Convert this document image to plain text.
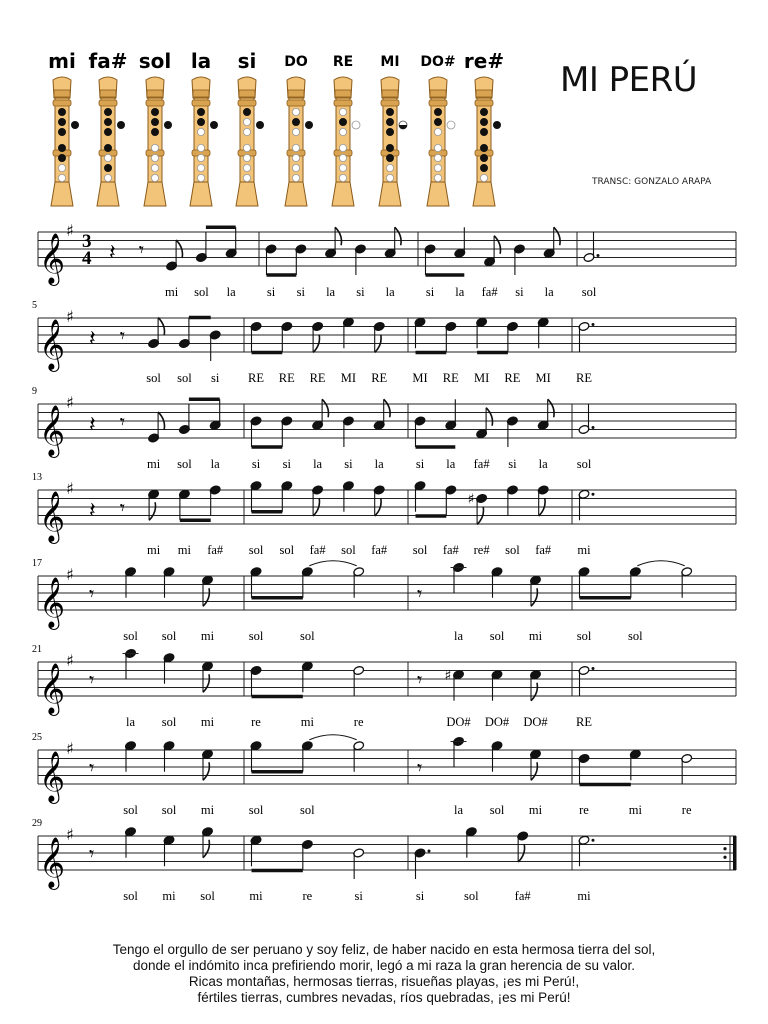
mi fa# sol la si DO RE MI DO# re# MI PERÚ
TRANSC: GONZALO ARAPA
𝄞
♯
3
4 𝄽 𝄾
mi sol la si si la si la si la fa# si la sol
5
𝄞
♯
𝄽 𝄾
sol sol si RE RE RE MI RE MI RE MI RE MI RE
9
𝄞
♯
𝄽 𝄾
mi sol la	si si la si la	si la fa# si la sol
13
𝄞
♯
𝄽 𝄾
mi mi fa# sol sol fa# sol fa# sol fa#
♯
re# sol fa# mi
17
𝄞
♯
𝄾
sol sol mi	sol	sol
𝄾
la sol mi	sol	sol
21
𝄞
♯
𝄾
la sol mi	re	mi	re
𝄾 ♯
DO# DO# DO# RE
25
𝄞
♯
𝄾
sol sol mi	sol	sol
𝄾
la sol mi	re	mi	re
29
𝄞
♯
𝄾
sol mi sol	mi	re	si	si	sol	fa#	mi
Tengo el orgullo de ser peruano y soy feliz, de haber nacido en esta hermosa tierra del sol,
donde el indómito inca prefiriendo morir, legó a mi raza la gran herencia de su valor.
Ricas montañas, hermosas tierras, risueñas playas, ¡es mi Perú!,
fértiles tierras, cumbres nevadas, ríos quebradas, ¡es mi Perú!
